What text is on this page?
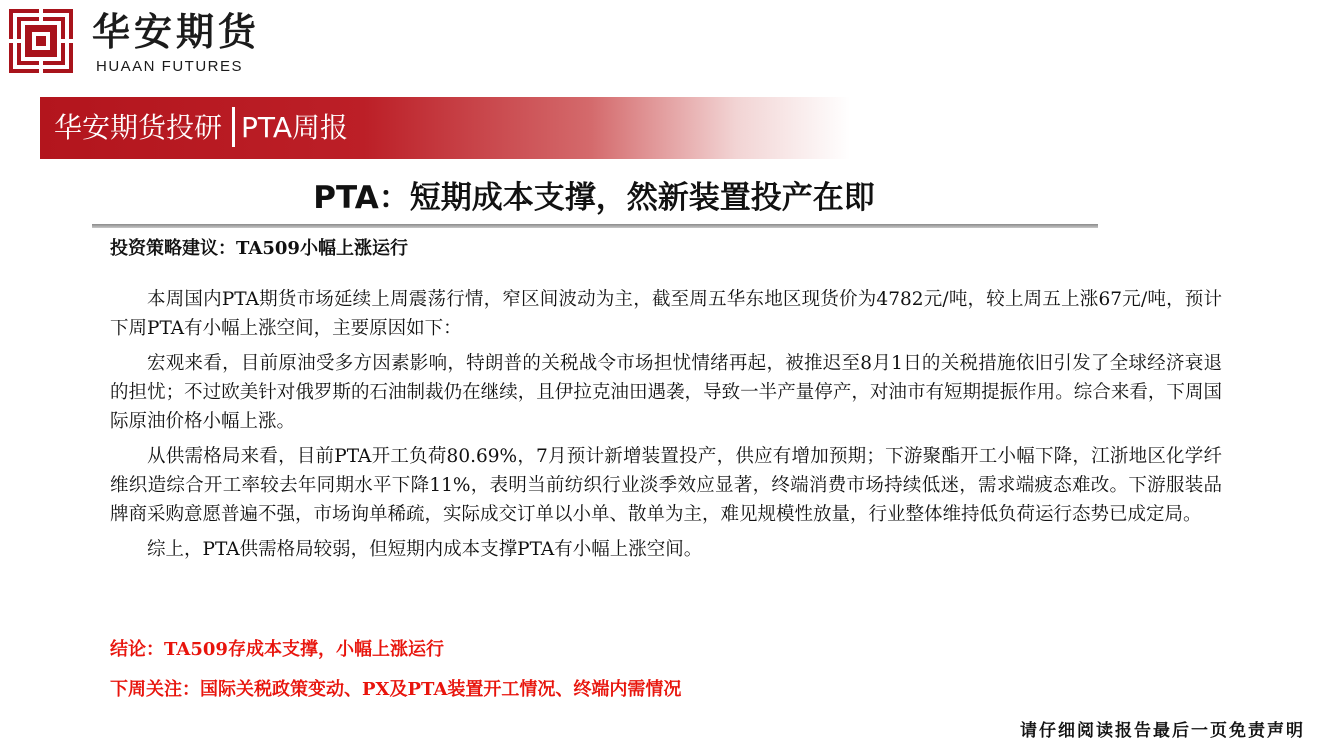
华安期货
HUAAN FUTURES
华安期货投研 PTA周报
PTA：短期成本支撑，然新装置投产在即
投资策略建议：TA509小幅上涨运行

本周国内PTA期货市场延续上周震荡行情，窄区间波动为主，截至周五华东地区现货价为4782元/吨，较上周五上涨67元/吨，预计下周PTA有小幅上涨空间，主要原因如下：

宏观来看，目前原油受多方因素影响，特朗普的关税战令市场担忧情绪再起，被推迟至8月1日的关税措施依旧引发了全球经济衰退的担忧；不过欧美针对俄罗斯的石油制裁仍在继续，且伊拉克油田遇袭，导致一半产量停产，对油市有短期提振作用。综合来看，下周国际原油价格小幅上涨。

从供需格局来看，目前PTA开工负荷80.69%，7月预计新增装置投产，供应有增加预期；下游聚酯开工小幅下降，江浙地区化学纤维织造综合开工率较去年同期水平下降11%，表明当前纺织行业淡季效应显著，终端消费市场持续低迷，需求端疲态难改。下游服装品牌商采购意愿普遍不强，市场询单稀疏，实际成交订单以小单、散单为主，难见规模性放量，行业整体维持低负荷运行态势已成定局。

综上，PTA供需格局较弱，但短期内成本支撑PTA有小幅上涨空间。

结论：TA509存成本支撑，小幅上涨运行
下周关注：国际关税政策变动、PX及PTA装置开工情况、终端内需情况
请仔细阅读报告最后一页免责声明
